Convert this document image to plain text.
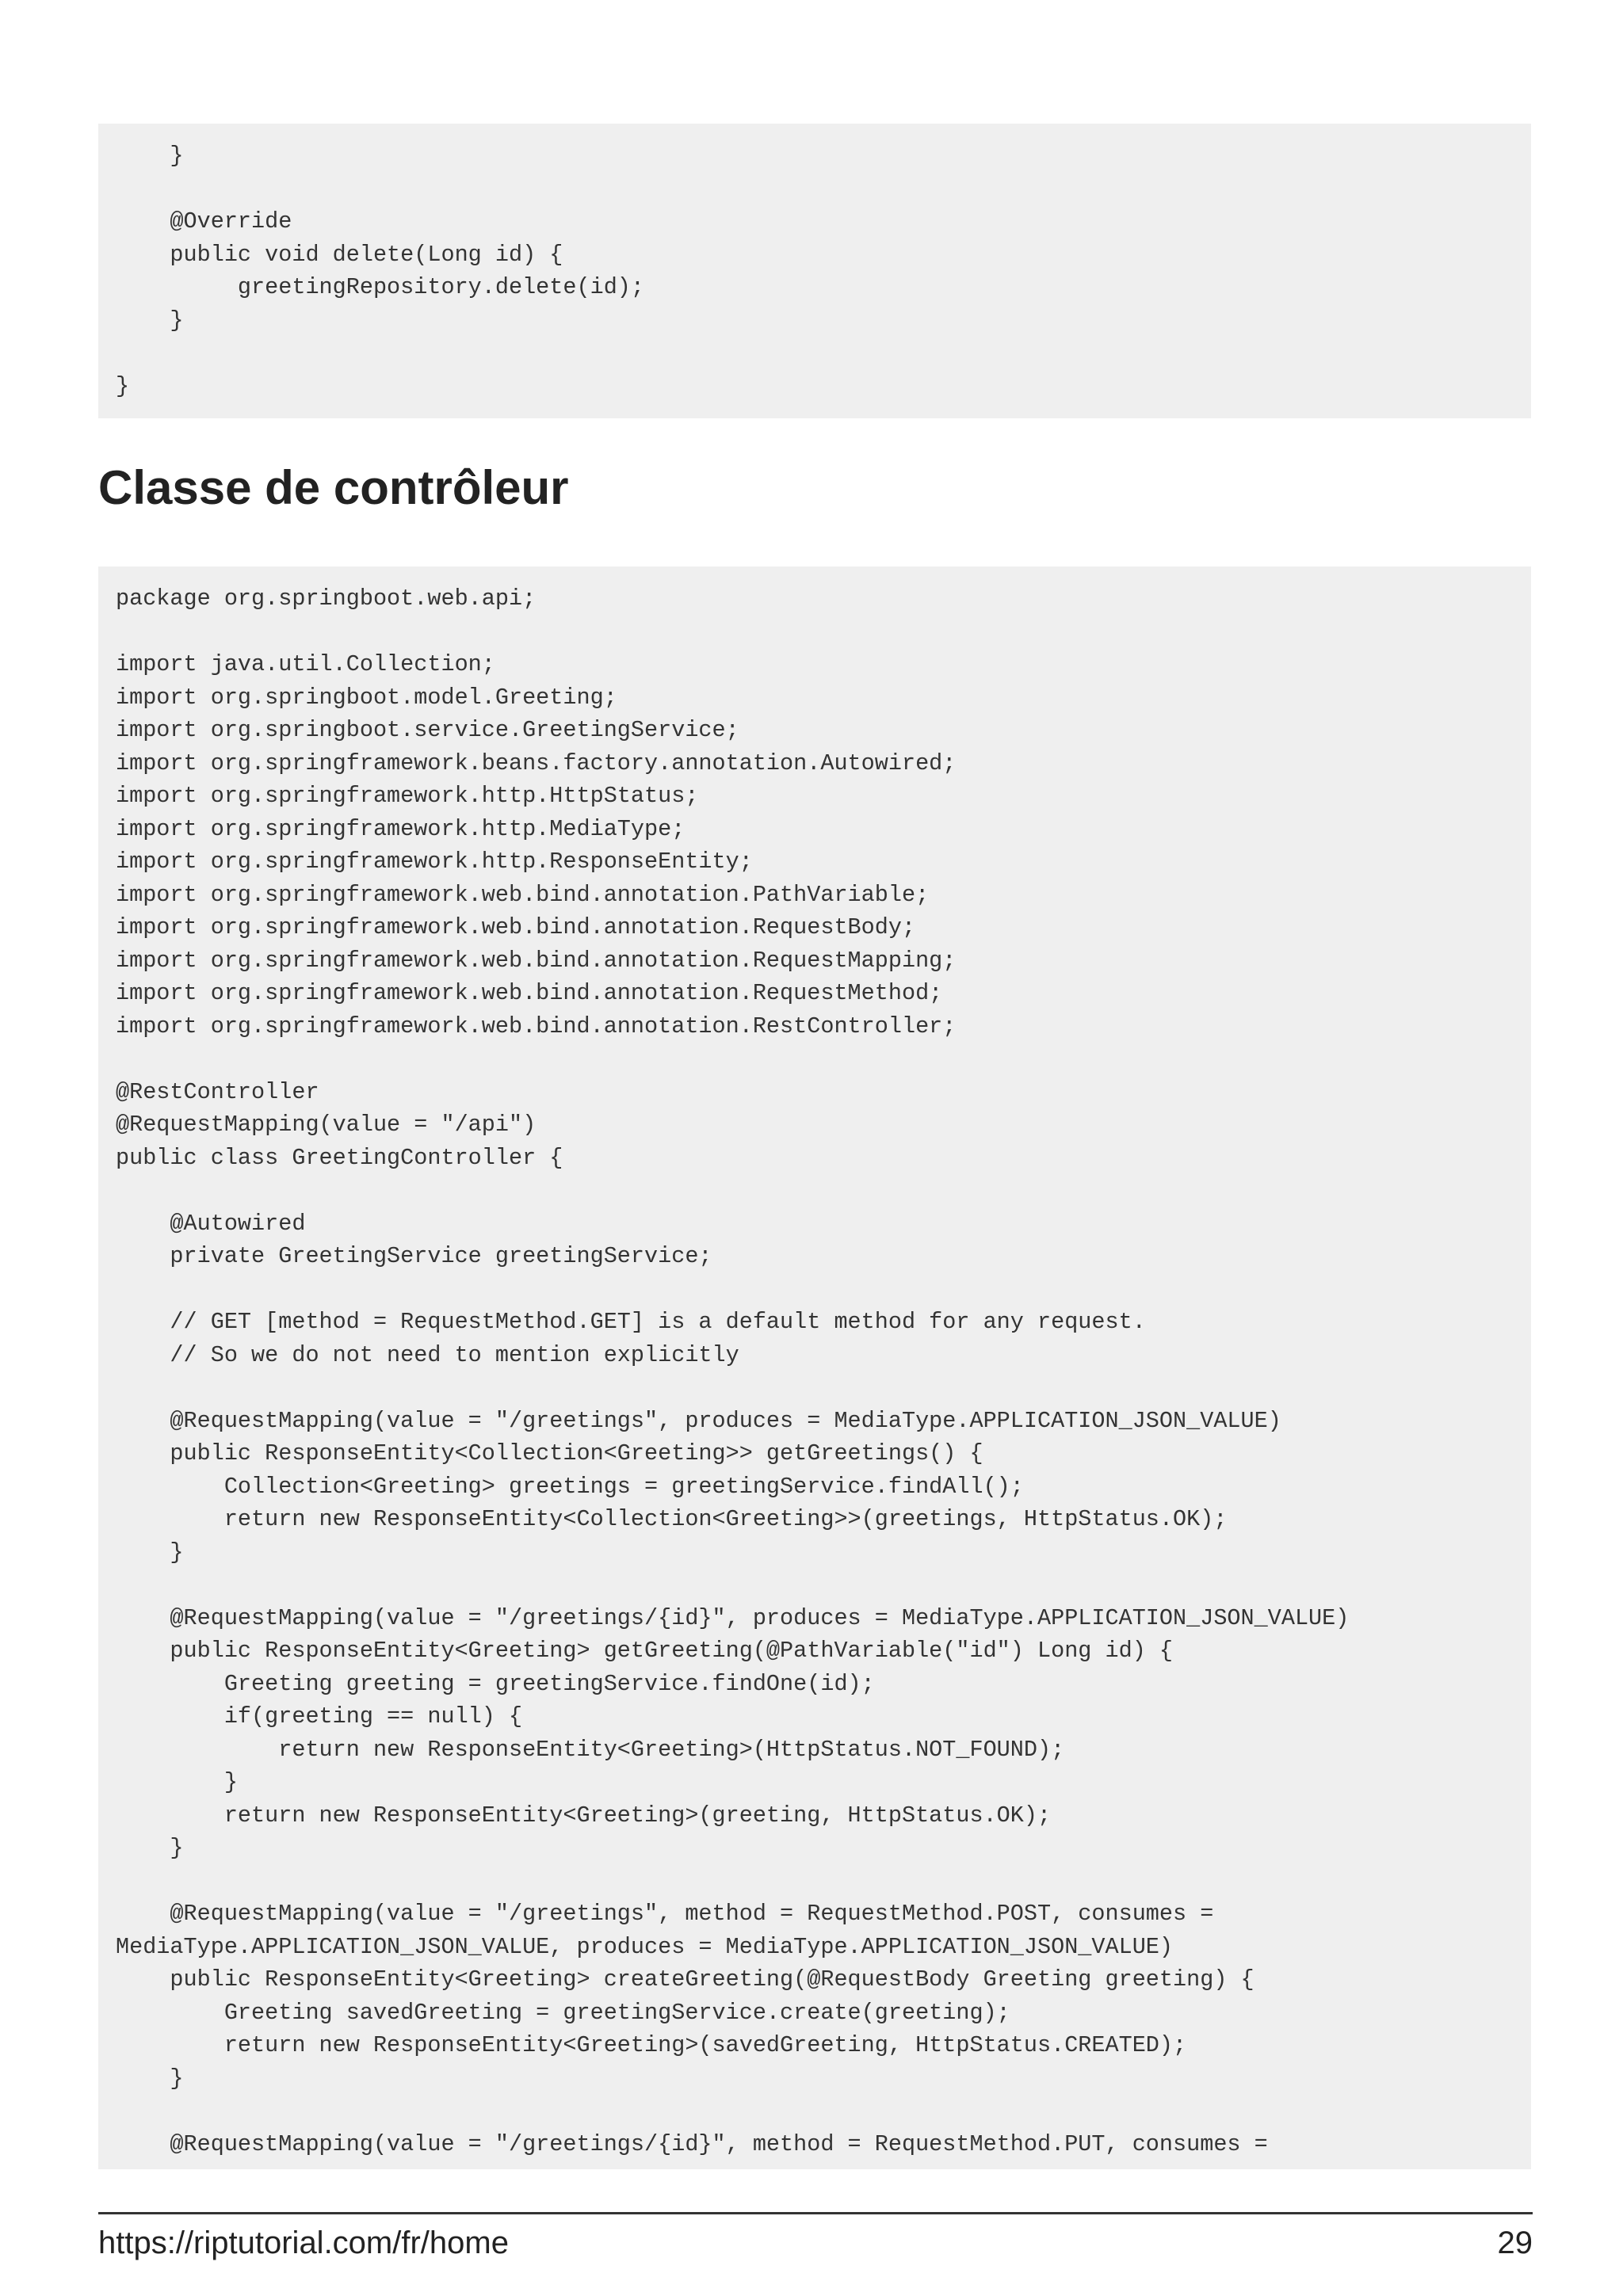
}
@Override
public void delete(Long id) {
greetingRepository.delete(id);
}
}
Classe de contrôleur
package org.springboot.web.api;
import java.util.Collection;
import org.springboot.model.Greeting;
import org.springboot.service.GreetingService;
import org.springframework.beans.factory.annotation.Autowired;
import org.springframework.http.HttpStatus;
import org.springframework.http.MediaType;
import org.springframework.http.ResponseEntity;
import org.springframework.web.bind.annotation.PathVariable;
import org.springframework.web.bind.annotation.RequestBody;
import org.springframework.web.bind.annotation.RequestMapping;
import org.springframework.web.bind.annotation.RequestMethod;
import org.springframework.web.bind.annotation.RestController;
@RestController
@RequestMapping(value = "/api")
public class GreetingController {
@Autowired
private GreetingService greetingService;
// GET [method = RequestMethod.GET] is a default method for any request.
// So we do not need to mention explicitly
@RequestMapping(value = "/greetings", produces = MediaType.APPLICATION_JSON_VALUE)
public ResponseEntity<Collection<Greeting>> getGreetings() {
Collection<Greeting> greetings = greetingService.findAll();
return new ResponseEntity<Collection<Greeting>>(greetings, HttpStatus.OK);
}
@RequestMapping(value = "/greetings/{id}", produces = MediaType.APPLICATION_JSON_VALUE)
public ResponseEntity<Greeting> getGreeting(@PathVariable("id") Long id) {
Greeting greeting = greetingService.findOne(id);
if(greeting == null) {
return new ResponseEntity<Greeting>(HttpStatus.NOT_FOUND);
}
return new ResponseEntity<Greeting>(greeting, HttpStatus.OK);
}
@RequestMapping(value = "/greetings", method = RequestMethod.POST, consumes =
MediaType.APPLICATION_JSON_VALUE, produces = MediaType.APPLICATION_JSON_VALUE)
public ResponseEntity<Greeting> createGreeting(@RequestBody Greeting greeting) {
Greeting savedGreeting = greetingService.create(greeting);
return new ResponseEntity<Greeting>(savedGreeting, HttpStatus.CREATED);
}
@RequestMapping(value = "/greetings/{id}", method = RequestMethod.PUT, consumes =
https://riptutorial.com/fr/home	29
